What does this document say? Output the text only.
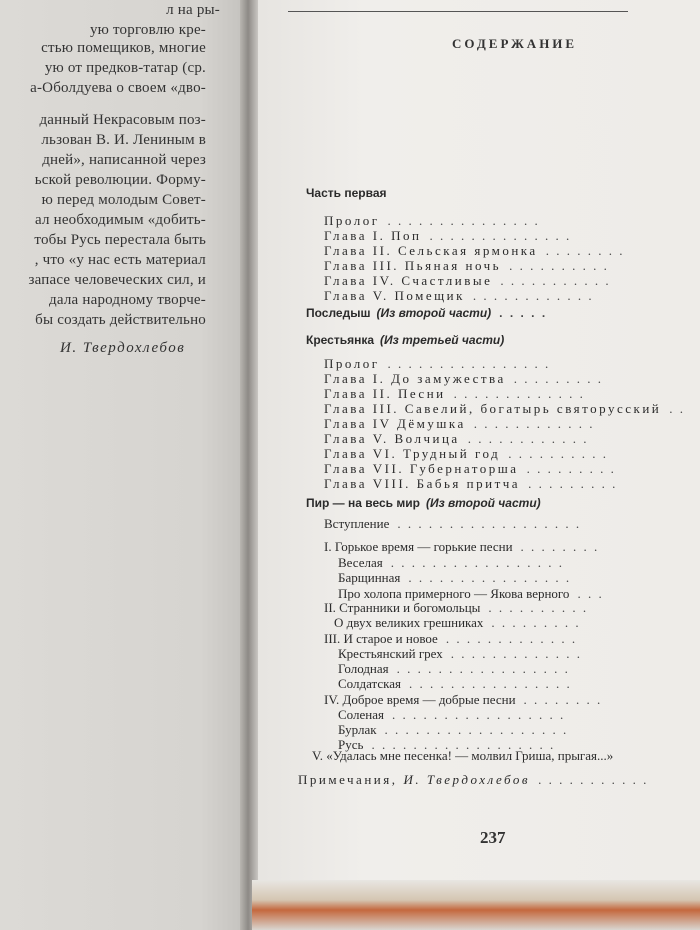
л на ры-
ую торговлю кре-
стью помещиков, многие
ую от предков-татар (ср.
а-Оболдуева о своем «дво-
данный Некрасовым поз-
льзован В. И. Лениным в
дней», написанной через
ьской революции. Форму-
ю перед молодым Совет-
ал необходимым «добить-
тобы Русь перестала быть
, что «у нас есть материал
запасе человеческих сил, и
дала народному творче-
бы создать действительно
И. Твердохлебов
СОДЕРЖАНИЕ
Часть первая
Пролог . . . . . . . . . . . . . . .
Глава I. Поп . . . . . . . . . . . . . .
Глава II. Сельская ярмонка . . . . . . . .
Глава III. Пьяная ночь . . . . . . . . . .
Глава IV. Счастливые . . . . . . . . . . .
Глава V. Помещик . . . . . . . . . . . .
Последыш (Из второй части) . . . . .
Крестьянка (Из третьей части)
Пролог . . . . . . . . . . . . . . . .
Глава I. До замужества . . . . . . . . .
Глава II. Песни . . . . . . . . . . . . .
Глава III. Савелий, богатырь святорусский . .
Глава IV Дёмушка . . . . . . . . . . . .
Глава V. Волчица . . . . . . . . . . . .
Глава VI. Трудный год . . . . . . . . . .
Глава VII. Губернаторша . . . . . . . . .
Глава VIII. Бабья притча . . . . . . . . .
Пир — на весь мир (Из второй части)
Вступление . . . . . . . . . . . . . . . . . .
I. Горькое время — горькие песни . . . . . . . .
Веселая . . . . . . . . . . . . . . . . .
Барщинная . . . . . . . . . . . . . . . .
Про холопа примерного — Якова верного . . .
II. Странники и богомольцы . . . . . . . . . .
О двух великих грешниках . . . . . . . . .
III. И старое и новое . . . . . . . . . . . . .
Крестьянский грех . . . . . . . . . . . . .
Голодная . . . . . . . . . . . . . . . . .
Солдатская . . . . . . . . . . . . . . . .
IV. Доброе время — добрые песни . . . . . . . .
Соленая . . . . . . . . . . . . . . . . .
Бурлак . . . . . . . . . . . . . . . . . .
Русь . . . . . . . . . . . . . . . . . .
V. «Удалась мне песенка! — молвил Гриша, прыгая...»
Примечания, И. Твердохлебов . . . . . . . . . . .
237
